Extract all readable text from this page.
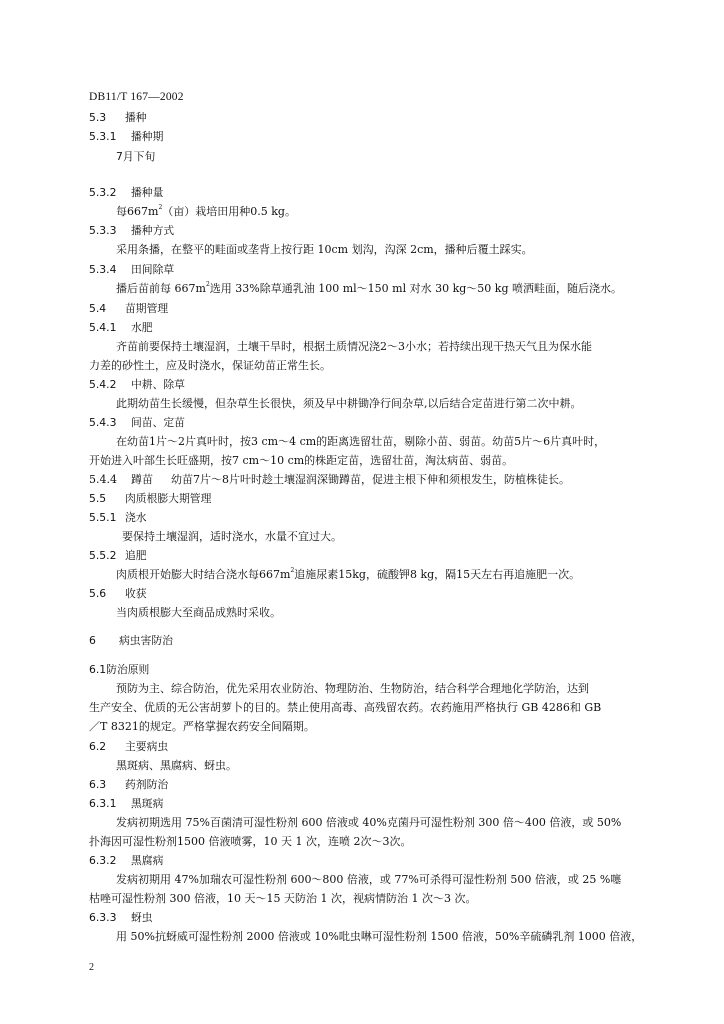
DB11/T 167—2002
5.3 播种
5.3.1 播种期
7月下旬
5.3.2 播种量
每$667m^2$（亩）栽培田用种0.5 kg。
5.3.3 播种方式
采用条播，在整平的畦面或垄背上按行距 10cm 划沟，沟深 2cm，播种后覆土踩实。
5.3.4 田间除草
播后苗前每 $667m^2$选用 33%除草通乳油 100 ml～150 ml 对水 30 kg～50 kg 喷洒畦面，随后浇水。
5.4 苗期管理
5.4.1 水肥
齐苗前要保持土壤湿润，土壤干旱时，根据土质情况浇2～3小水；若持续出现干热天气且为保水能
力差的砂性土，应及时浇水，保证幼苗正常生长。
5.4.2 中耕、除草
此期幼苗生长缓慢，但杂草生长很快，须及早中耕锄净行间杂草,以后结合定苗进行第二次中耕。
5.4.3 间苗、定苗
在幼苗1片～2片真叶时，按3 cm～4 cm的距离选留壮苗，剔除小苗、弱苗。幼苗5片～6片真叶时，
开始进入叶部生长旺盛期，按7 cm～10 cm的株距定苗，选留壮苗，淘汰病苗、弱苗。
5.4.4 蹲苗 幼苗7片～8片叶时趁土壤湿润深锄蹲苗，促进主根下伸和须根发生，防植株徒长。
5.5 肉质根膨大期管理
5.5.1 浇水
要保持土壤湿润，适时浇水，水量不宜过大。
5.5.2 追肥
肉质根开始膨大时结合浇水每$667m^2$追施尿素15kg，硫酸钾8 kg，隔15天左右再追施肥一次。
5.6 收获
当肉质根膨大至商品成熟时采收。
6 病虫害防治
6.1防治原则
预防为主、综合防治，优先采用农业防治、物理防治、生物防治，结合科学合理地化学防治，达到
生产安全、优质的无公害胡萝卜的目的。禁止使用高毒、高残留农药。农药施用严格执行 GB 4286和 GB
／T 8321的规定。严格掌握农药安全间隔期。
6.2 主要病虫
黑斑病、黑腐病、蚜虫。
6.3 药剂防治
6.3.1 黑斑病
发病初期选用 75%百菌清可湿性粉剂 600 倍液或 40%克菌丹可湿性粉剂 300 倍～400 倍液，或 50%
扑海因可湿性粉剂1500 倍液喷雾，10 天 1 次，连喷 2次～3次。
6.3.2 黑腐病
发病初期用 47%加瑞农可湿性粉剂 600～800 倍液，或 77%可杀得可湿性粉剂 500 倍液，或 25 %噻
枯唑可湿性粉剂 300 倍液，10 天～15 天防治 1 次，视病情防治 1 次～3 次。
6.3.3 蚜虫
用 50%抗蚜威可湿性粉剂 2000 倍液或 10%吡虫啉可湿性粉剂 1500 倍液，50%辛硫磷乳剂 1000 倍液，
2
